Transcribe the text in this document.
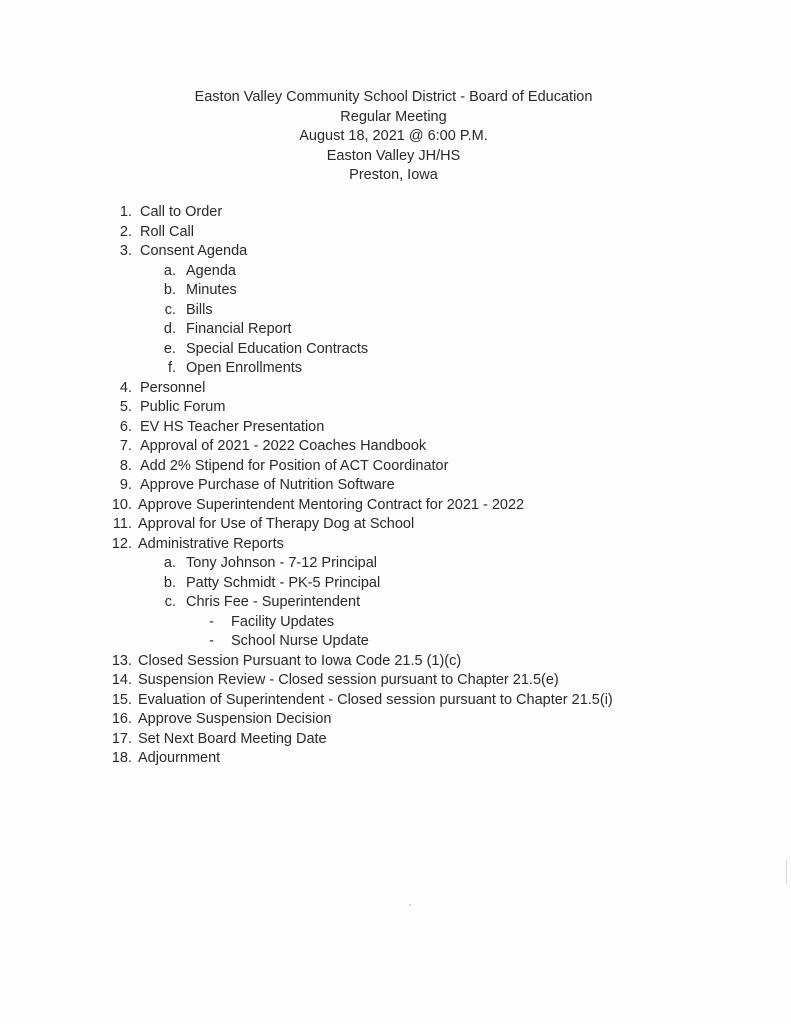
Easton Valley Community School District - Board of Education
Regular Meeting
August 18, 2021 @ 6:00 P.M.
Easton Valley JH/HS
Preston, Iowa
1. Call to Order
2. Roll Call
3. Consent Agenda
a. Agenda
b. Minutes
c. Bills
d. Financial Report
e. Special Education Contracts
f. Open Enrollments
4. Personnel
5. Public Forum
6. EV HS Teacher Presentation
7. Approval of 2021 - 2022 Coaches Handbook
8. Add 2% Stipend for Position of ACT Coordinator
9. Approve Purchase of Nutrition Software
10. Approve Superintendent Mentoring Contract for 2021 - 2022
11. Approval for Use of Therapy Dog at School
12. Administrative Reports
a. Tony Johnson - 7-12 Principal
b. Patty Schmidt - PK-5 Principal
c. Chris Fee - Superintendent
- Facility Updates
- School Nurse Update
13. Closed Session Pursuant to Iowa Code 21.5 (1)(c)
14. Suspension Review - Closed session pursuant to Chapter 21.5(e)
15. Evaluation of Superintendent - Closed session pursuant to Chapter 21.5(i)
16. Approve Suspension Decision
17. Set Next Board Meeting Date
18. Adjournment
